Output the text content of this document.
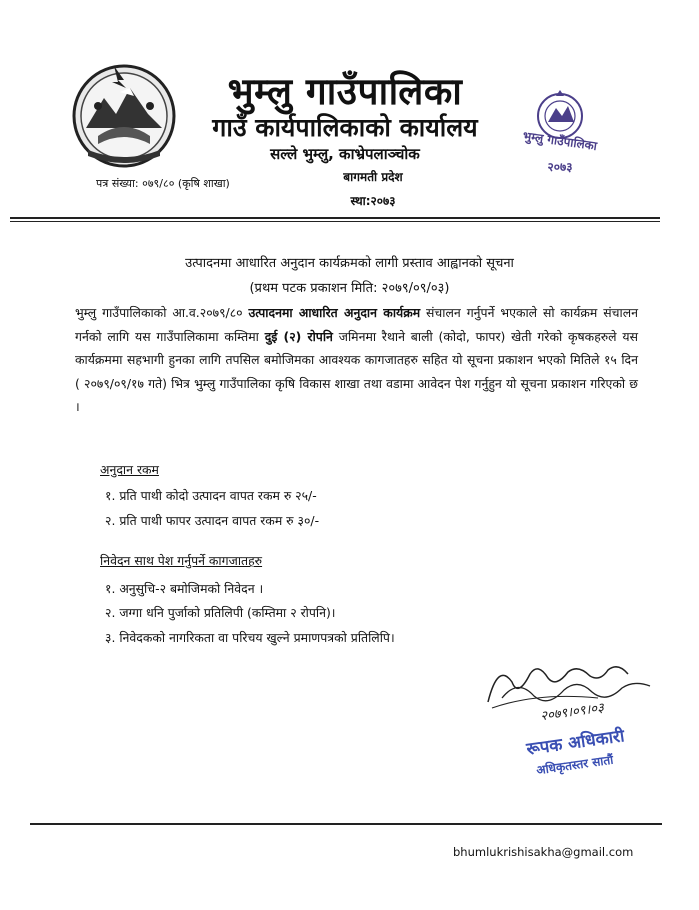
भुम्लु गाउँपालिका
गाउँ कार्यपालिकाको कार्यालय
सल्ले भुम्लु, काभ्रेपलाञ्चोक
बागमती प्रदेश
स्था:२०७३
पत्र संख्या: ०७९/८० (कृषि शाखा)
भुम्लु गाउँपालिका
२०७३
उत्पादनमा आधारित अनुदान कार्यक्रमको लागी प्रस्ताव आह्वानको सूचना
(प्रथम पटक प्रकाशन मिति: २०७९/०९/०३)
भुम्लु गाउँपालिकाको आ.व.२०७९/८० उत्पादनमा आधारित अनुदान कार्यक्रम संचालन गर्नुपर्ने भएकाले सो कार्यक्रम संचालन गर्नको लागि यस गाउँपालिकामा कम्तिमा दुई (२) रोपनि जमिनमा रैथाने बाली (कोदो, फापर) खेती गरेको कृषकहरुले यस कार्यक्रममा सहभागी हुनका लागि तपसिल बमोजिमका आवश्यक कागजातहरु सहित यो सूचना प्रकाशन भएको मितिले १५ दिन ( २०७९/०९/१७ गते) भित्र भुम्लु गाउँपालिका कृषि विकास शाखा तथा वडामा आवेदन पेश गर्नुहुन यो सूचना प्रकाशन गरिएको छ ।
अनुदान रकम
१. प्रति पाथी कोदो उत्पादन वापत रकम रु २५/-
२. प्रति पाथी फापर उत्पादन वापत रकम रु ३०/-
निवेदन साथ पेश गर्नुपर्ने कागजातहरु
१. अनुसुचि-२ बमोजिमको निवेदन ।
२. जग्गा धनि पुर्जाको प्रतिलिपी (कम्तिमा २ रोपनि)।
३. निवेदकको नागरिकता वा परिचय खुल्ने प्रमाणपत्रको प्रतिलिपि।
२०७९।०९।०३
रूपक अधिकारी
अधिकृतस्तर सातौं
bhumlukrishisakha@gmail.com
